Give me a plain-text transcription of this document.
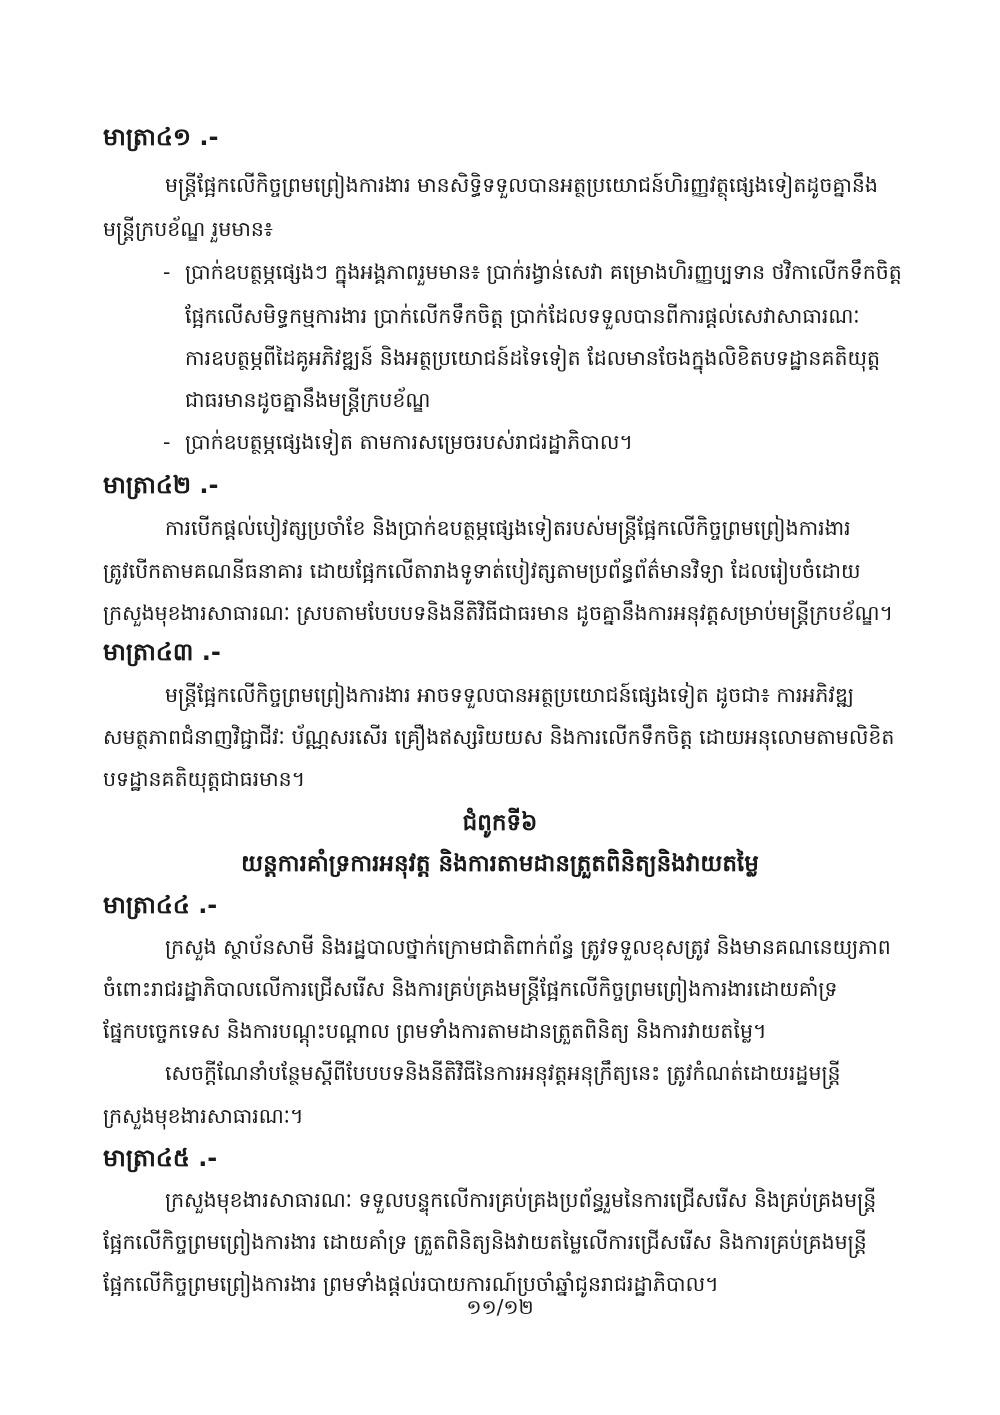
មាត្រា៤១ .-
មន្ត្រីផ្អែកលើកិច្ចព្រមព្រៀងការងារ មានសិទ្ធិទទួលបានអត្ថប្រយោជន៍ហិរញ្ញវត្ថុផ្សេងទៀតដូចគ្នានឹង
មន្ត្រីក្របខ័ណ្ឌ រួមមាន៖
- ប្រាក់ឧបត្ថម្ភផ្សេងៗ ក្នុងអង្គភាពរួមមាន៖ ប្រាក់រង្វាន់សេវា គម្រោងហិរញ្ញប្បទាន ថវិកាលើកទឹកចិត្ត
ផ្អែកលើសមិទ្ធកម្មការងារ ប្រាក់លើកទឹកចិត្ត ប្រាក់ដែលទទួលបានពីការផ្តល់សេវាសាធារណៈ
ការឧបត្ថម្ភពីដៃគូអភិវឌ្ឍន៍ និងអត្ថប្រយោជន៍ដទៃទៀត ដែលមានចែងក្នុងលិខិតបទដ្ឋានគតិយុត្ត
ជាធរមានដូចគ្នានឹងមន្ត្រីក្របខ័ណ្ឌ
- ប្រាក់ឧបត្ថម្ភផ្សេងទៀត តាមការសម្រេចរបស់រាជរដ្ឋាភិបាល។
មាត្រា៤២ .-
ការបើកផ្តល់បៀវត្សប្រចាំខែ និងប្រាក់ឧបត្ថម្ភផ្សេងទៀតរបស់មន្ត្រីផ្អែកលើកិច្ចព្រមព្រៀងការងារ
ត្រូវបើកតាមគណនីធនាគារ ដោយផ្អែកលើតារាងទូទាត់បៀវត្សតាមប្រព័ន្ធព័ត៌មានវិទ្យា ដែលរៀបចំដោយ
ក្រសួងមុខងារសាធារណៈ ស្របតាមបែបបទនិងនីតិវិធីជាធរមាន ដូចគ្នានឹងការអនុវត្តសម្រាប់មន្ត្រីក្របខ័ណ្ឌ។
មាត្រា៤៣ .-
មន្ត្រីផ្អែកលើកិច្ចព្រមព្រៀងការងារ អាចទទួលបានអត្ថប្រយោជន៍ផ្សេងទៀត ដូចជា៖ ការអភិវឌ្ឍ
សមត្ថភាពជំនាញវិជ្ជាជីវៈ ប័ណ្ណសរសើរ គ្រឿងឥស្សរិយយស និងការលើកទឹកចិត្ត ដោយអនុលោមតាមលិខិត
បទដ្ឋានគតិយុត្តជាធរមាន។
ជំពូកទី៦
យន្តការគាំទ្រការអនុវត្ត និងការតាមដានត្រួតពិនិត្យនិងវាយតម្លៃ
មាត្រា៤៤ .-
ក្រសួង ស្ថាប័នសាមី និងរដ្ឋបាលថ្នាក់ក្រោមជាតិពាក់ព័ន្ធ ត្រូវទទួលខុសត្រូវ និងមានគណនេយ្យភាព
ចំពោះរាជរដ្ឋាភិបាលលើការជ្រើសរើស និងការគ្រប់គ្រងមន្ត្រីផ្អែកលើកិច្ចព្រមព្រៀងការងារដោយគាំទ្រ
ផ្នែកបច្ចេកទេស និងការបណ្តុះបណ្តាល ព្រមទាំងការតាមដានត្រួតពិនិត្យ និងការវាយតម្លៃ។
សេចក្តីណែនាំបន្ថែមស្តីពីបែបបទនិងនីតិវិធីនៃការអនុវត្តអនុក្រឹត្យនេះ ត្រូវកំណត់ដោយរដ្ឋមន្ត្រី
ក្រសួងមុខងារសាធារណៈ។
មាត្រា៤៥ .-
ក្រសួងមុខងារសាធារណៈ ទទួលបន្ទុកលើការគ្រប់គ្រងប្រព័ន្ធរួមនៃការជ្រើសរើស និងគ្រប់គ្រងមន្ត្រី
ផ្អែកលើកិច្ចព្រមព្រៀងការងារ ដោយគាំទ្រ ត្រួតពិនិត្យនិងវាយតម្លៃលើការជ្រើសរើស និងការគ្រប់គ្រងមន្ត្រី
ផ្អែកលើកិច្ចព្រមព្រៀងការងារ ព្រមទាំងផ្តល់របាយការណ៍ប្រចាំឆ្នាំជូនរាជរដ្ឋាភិបាល។
១១/១២
